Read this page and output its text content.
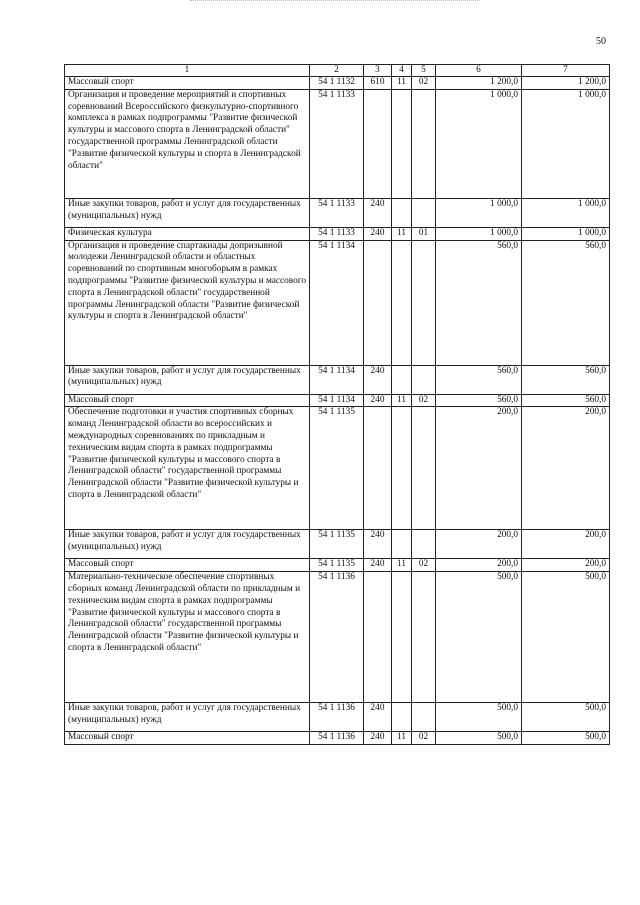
50
1	2	3	4	5	6	7
Массовый спорт	54 1 1132	610	11	02	1 200,0	1 200,0
Организация и проведение мероприятий и спортивных соревнований Всероссийского физкультурно-спортивного комплекса в рамках подпрограммы "Развитие физической культуры и массового спорта в Ленинградской области" государственной программы Ленинградской области "Развитие физической культуры и спорта в Ленинградской области"	54 1 1133				1 000,0	1 000,0
Иные закупки товаров, работ и услуг для государственных (муниципальных) нужд	54 1 1133	240			1 000,0	1 000,0
Физическая культура	54 1 1133	240	11	01	1 000,0	1 000,0
Организация и проведение спартакиады допризывной молодежи Ленинградской области и областных соревнований по спортивным многоборьям в рамках подпрограммы "Развитие физической культуры и массового спорта в Ленинградской области" государственной программы Ленинградской области "Развитие физической культуры и спорта в Ленинградской области"	54 1 1134				560,0	560,0
Иные закупки товаров, работ и услуг для государственных (муниципальных) нужд	54 1 1134	240			560,0	560,0
Массовый спорт	54 1 1134	240	11	02	560,0	560,0
Обеспечение подготовки и участия спортивных сборных команд Ленинградской области во всероссийских и международных соревнованиях по прикладным и техническим видам спорта в рамках подпрограммы "Развитие физической культуры и массового спорта в Ленинградской области" государственной программы Ленинградской области "Развитие физической культуры и спорта в Ленинградской области"	54 1 1135				200,0	200,0
Иные закупки товаров, работ и услуг для государственных (муниципальных) нужд	54 1 1135	240			200,0	200,0
Массовый спорт	54 1 1135	240	11	02	200,0	200,0
Материально-техническое обеспечение спортивных сборных команд Ленинградской области по прикладным и техническим видам спорта в рамках подпрограммы "Развитие физической культуры и массового спорта в Ленинградской области" государственной программы Ленинградской области "Развитие физической культуры и спорта в Ленинградской области"	54 1 1136				500,0	500,0
Иные закупки товаров, работ и услуг для государственных (муниципальных) нужд	54 1 1136	240			500,0	500,0
Массовый спорт	54 1 1136	240	11	02	500,0	500,0
